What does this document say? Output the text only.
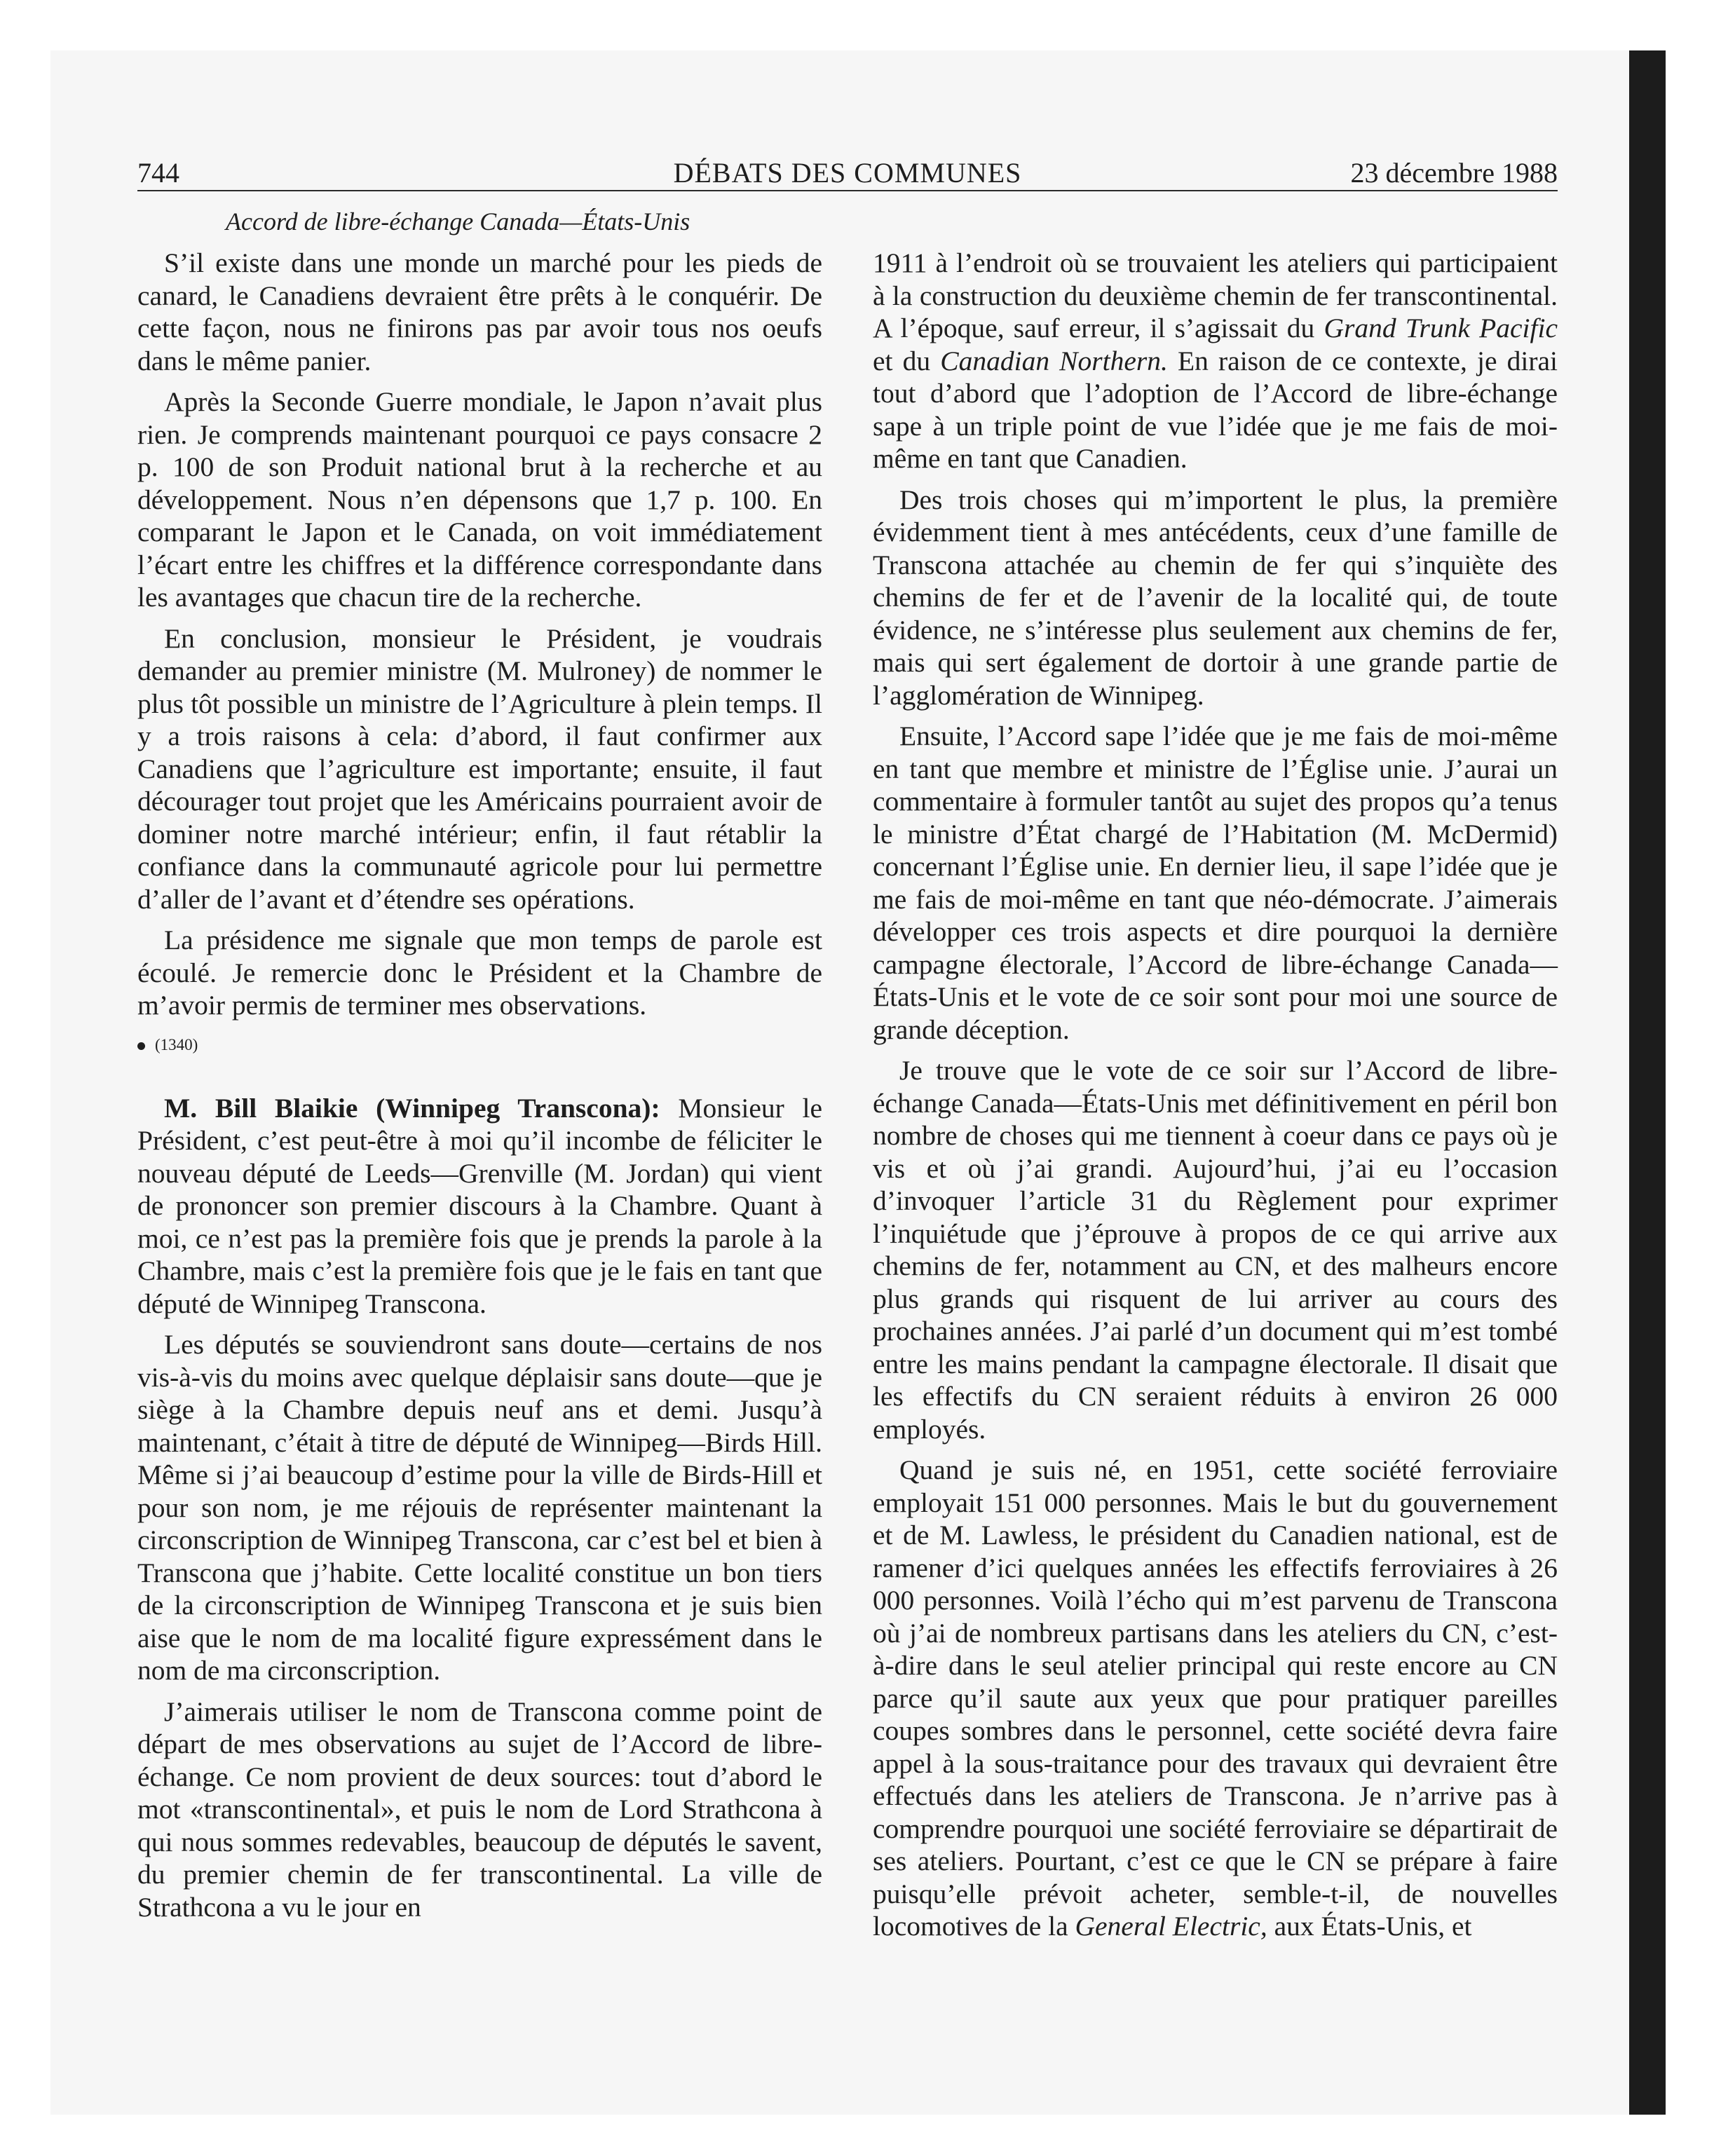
744	DÉBATS DES COMMUNES	23 décembre 1988
Accord de libre-échange Canada—États-Unis

S’il existe dans une monde un marché pour les pieds de canard, le Canadiens devraient être prêts à le conquérir. De cette façon, nous ne finirons pas par avoir tous nos oeufs dans le même panier.

Après la Seconde Guerre mondiale, le Japon n’avait plus rien. Je comprends maintenant pourquoi ce pays consacre 2 p. 100 de son Produit national brut à la recherche et au développement. Nous n’en dépensons que 1,7 p. 100. En comparant le Japon et le Canada, on voit immédiatement l’écart entre les chiffres et la différence correspondante dans les avantages que chacun tire de la recherche.

En conclusion, monsieur le Président, je voudrais demander au premier ministre (M. Mulroney) de nommer le plus tôt possible un ministre de l’Agriculture à plein temps. Il y a trois raisons à cela: d’abord, il faut confirmer aux Canadiens que l’agriculture est importante; ensuite, il faut décourager tout projet que les Américains pourraient avoir de dominer notre marché intérieur; enfin, il faut rétablir la confiance dans la communauté agricole pour lui permettre d’aller de l’avant et d’étendre ses opérations.

La présidence me signale que mon temps de parole est écoulé. Je remercie donc le Président et la Chambre de m’avoir permis de terminer mes observations.

(1340)

M. Bill Blaikie (Winnipeg Transcona): Monsieur le Président, c’est peut-être à moi qu’il incombe de féliciter le nouveau député de Leeds—Grenville (M. Jordan) qui vient de prononcer son premier discours à la Chambre. Quant à moi, ce n’est pas la première fois que je prends la parole à la Chambre, mais c’est la première fois que je le fais en tant que député de Winnipeg Transcona.

Les députés se souviendront sans doute—certains de nos vis-à-vis du moins avec quelque déplaisir sans doute—que je siège à la Chambre depuis neuf ans et demi. Jusqu’à maintenant, c’était à titre de député de Winnipeg—Birds Hill. Même si j’ai beaucoup d’estime pour la ville de Birds-Hill et pour son nom, je me réjouis de représenter maintenant la circonscription de Winnipeg Transcona, car c’est bel et bien à Transcona que j’habite. Cette localité constitue un bon tiers de la circonscription de Winnipeg Transcona et je suis bien aise que le nom de ma localité figure expressément dans le nom de ma circonscription.

J’aimerais utiliser le nom de Transcona comme point de départ de mes observations au sujet de l’Accord de libre-échange. Ce nom provient de deux sources: tout d’abord le mot «transcontinental», et puis le nom de Lord Strathcona à qui nous sommes redevables, beaucoup de députés le savent, du premier chemin de fer transcontinental. La ville de Strathcona a vu le jour en

1911 à l’endroit où se trouvaient les ateliers qui participaient à la construction du deuxième chemin de fer transcontinental. A l’époque, sauf erreur, il s’agissait du Grand Trunk Pacific et du Canadian Northern. En raison de ce contexte, je dirai tout d’abord que l’adoption de l’Accord de libre-échange sape à un triple point de vue l’idée que je me fais de moi-même en tant que Canadien.

Des trois choses qui m’importent le plus, la première évidemment tient à mes antécédents, ceux d’une famille de Transcona attachée au chemin de fer qui s’inquiète des chemins de fer et de l’avenir de la localité qui, de toute évidence, ne s’intéresse plus seulement aux chemins de fer, mais qui sert également de dortoir à une grande partie de l’agglomération de Winnipeg.

Ensuite, l’Accord sape l’idée que je me fais de moi-même en tant que membre et ministre de l’Église unie. J’aurai un commentaire à formuler tantôt au sujet des propos qu’a tenus le ministre d’État chargé de l’Habitation (M. McDermid) concernant l’Église unie. En dernier lieu, il sape l’idée que je me fais de moi-même en tant que néo-démocrate. J’aimerais développer ces trois aspects et dire pourquoi la dernière campagne électorale, l’Accord de libre-échange Canada—États-Unis et le vote de ce soir sont pour moi une source de grande déception.

Je trouve que le vote de ce soir sur l’Accord de libre-échange Canada—États-Unis met définitivement en péril bon nombre de choses qui me tiennent à coeur dans ce pays où je vis et où j’ai grandi. Aujourd’hui, j’ai eu l’occasion d’invoquer l’article 31 du Règlement pour exprimer l’inquiétude que j’éprouve à propos de ce qui arrive aux chemins de fer, notamment au CN, et des malheurs encore plus grands qui risquent de lui arriver au cours des prochaines années. J’ai parlé d’un document qui m’est tombé entre les mains pendant la campagne électorale. Il disait que les effectifs du CN seraient réduits à environ 26 000 employés.

Quand je suis né, en 1951, cette société ferroviaire employait 151 000 personnes. Mais le but du gouvernement et de M. Lawless, le président du Canadien national, est de ramener d’ici quelques années les effectifs ferroviaires à 26 000 personnes. Voilà l’écho qui m’est parvenu de Transcona où j’ai de nombreux partisans dans les ateliers du CN, c’est-à-dire dans le seul atelier principal qui reste encore au CN parce qu’il saute aux yeux que pour pratiquer pareilles coupes sombres dans le personnel, cette société devra faire appel à la sous-traitance pour des travaux qui devraient être effectués dans les ateliers de Transcona. Je n’arrive pas à comprendre pourquoi une société ferroviaire se départirait de ses ateliers. Pourtant, c’est ce que le CN se prépare à faire puisqu’elle prévoit acheter, semble-t-il, de nouvelles locomotives de la General Electric, aux États-Unis, et
